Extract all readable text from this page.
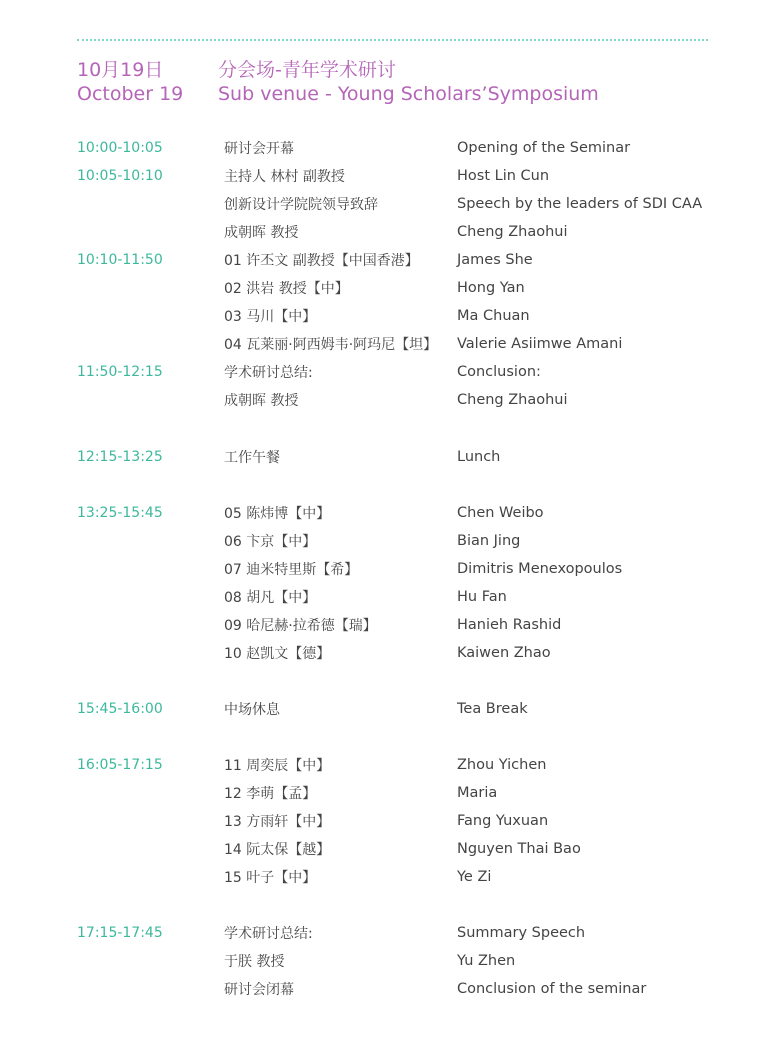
10月19日	分会场-青年学术研讨
October 19	Sub venue - Young Scholars’Symposium
10:00-10:05	研讨会开幕	Opening of the Seminar
10:05-10:10	主持人 林村 副教授	Host Lin Cun
创新设计学院院领导致辞	Speech by the leaders of SDI CAA
成朝晖 教授	Cheng Zhaohui
10:10-11:50	01 许丕文 副教授【中国香港】	James She
02 洪岩 教授【中】	Hong Yan
03 马川【中】	Ma Chuan
04 瓦莱丽·阿西姆韦·阿玛尼【坦】	Valerie Asiimwe Amani
11:50-12:15	学术研讨总结:	Conclusion:
成朝晖 教授	Cheng Zhaohui
12:15-13:25	工作午餐	Lunch
13:25-15:45	05 陈炜博【中】	Chen Weibo
06 卞京【中】	Bian Jing
07 迪米特里斯【希】	Dimitris Menexopoulos
08 胡凡【中】	Hu Fan
09 哈尼赫·拉希德【瑞】	Hanieh Rashid
10 赵凯文【德】	Kaiwen Zhao
15:45-16:00	中场休息	Tea Break
16:05-17:15	11 周奕辰【中】	Zhou Yichen
12 李萌【孟】	Maria
13 方雨轩【中】	Fang Yuxuan
14 阮太保【越】	Nguyen Thai Bao
15 叶子【中】	Ye Zi
17:15-17:45	学术研讨总结:	Summary Speech
于朕 教授	Yu Zhen
研讨会闭幕	Conclusion of the seminar
